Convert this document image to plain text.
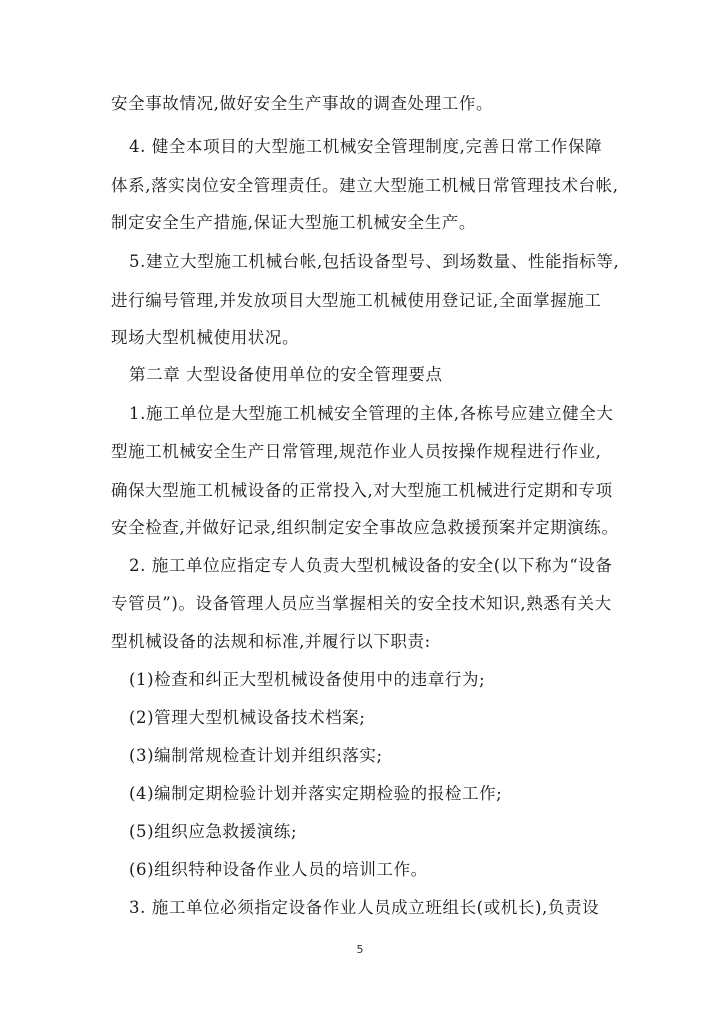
安全事故情况,做好安全生产事故的调查处理工作。
4. 健全本项目的大型施工机械安全管理制度,完善日常工作保障
体系,落实岗位安全管理责任。建立大型施工机械日常管理技术台帐,
制定安全生产措施,保证大型施工机械安全生产。
5.建立大型施工机械台帐,包括设备型号、到场数量、性能指标等,
进行编号管理,并发放项目大型施工机械使用登记证,全面掌握施工
现场大型机械使用状况。
第二章 大型设备使用单位的安全管理要点
1.施工单位是大型施工机械安全管理的主体,各栋号应建立健全大
型施工机械安全生产日常管理,规范作业人员按操作规程进行作业,
确保大型施工机械设备的正常投入,对大型施工机械进行定期和专项
安全检查,并做好记录,组织制定安全事故应急救援预案并定期演练。
2. 施工单位应指定专人负责大型机械设备的安全(以下称为“设备
专管员”)。设备管理人员应当掌握相关的安全技术知识,熟悉有关大
型机械设备的法规和标准,并履行以下职责:
(1)检查和纠正大型机械设备使用中的违章行为;
(2)管理大型机械设备技术档案;
(3)编制常规检查计划并组织落实;
(4)编制定期检验计划并落实定期检验的报检工作;
(5)组织应急救援演练;
(6)组织特种设备作业人员的培训工作。
3. 施工单位必须指定设备作业人员成立班组长(或机长),负责设
5
